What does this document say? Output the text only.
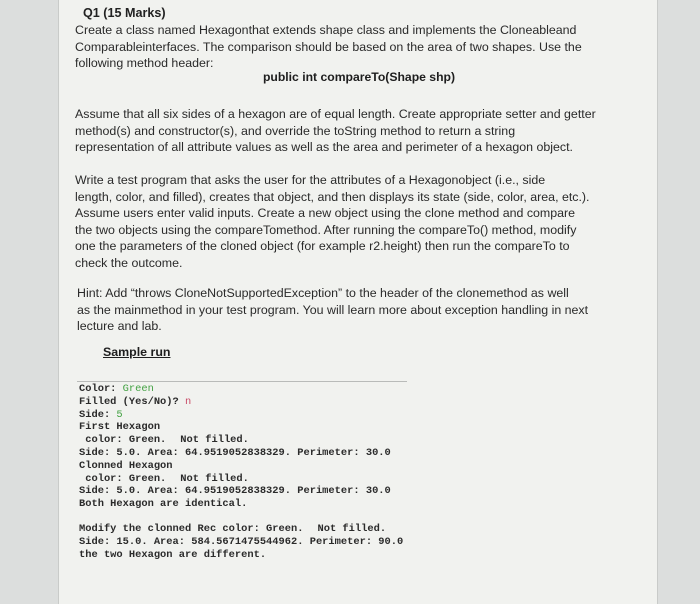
Q1 (15 Marks)
Create a class named Hexagonthat extends shape class and implements the Cloneableand
Comparableinterfaces. The comparison should be based on the area of two shapes. Use the
following method header:
public int compareTo(Shape shp)
Assume that all six sides of a hexagon are of equal length. Create appropriate setter and getter
method(s) and constructor(s), and override the toString method to return a string
representation of all attribute values as well as the area and perimeter of a hexagon object.
Write a test program that asks the user for the attributes of a Hexagonobject (i.e., side
length, color, and filled), creates that object, and then displays its state (side, color, area, etc.).
Assume users enter valid inputs. Create a new object using the clone method and compare
the two objects using the compareTomethod. After running the compareTo() method, modify
one the parameters of the cloned object (for example r2.height) then run the compareTo to
check the outcome.
Hint: Add “throws CloneNotSupportedException” to the header of the clonemethod as well
as the mainmethod in your test program. You will learn more about exception handling in next
lecture and lab.
Sample run
Color: Green
Filled (Yes/No)? n
Side: 5
First Hexagon
color: Green. Not filled.
Side: 5.0. Area: 64.9519052838329. Perimeter: 30.0
Clonned Hexagon
color: Green. Not filled.
Side: 5.0. Area: 64.9519052838329. Perimeter: 30.0
Both Hexagon are identical.
Modify the clonned Rec color: Green. Not filled.
Side: 15.0. Area: 584.5671475544962. Perimeter: 90.0
the two Hexagon are different.
